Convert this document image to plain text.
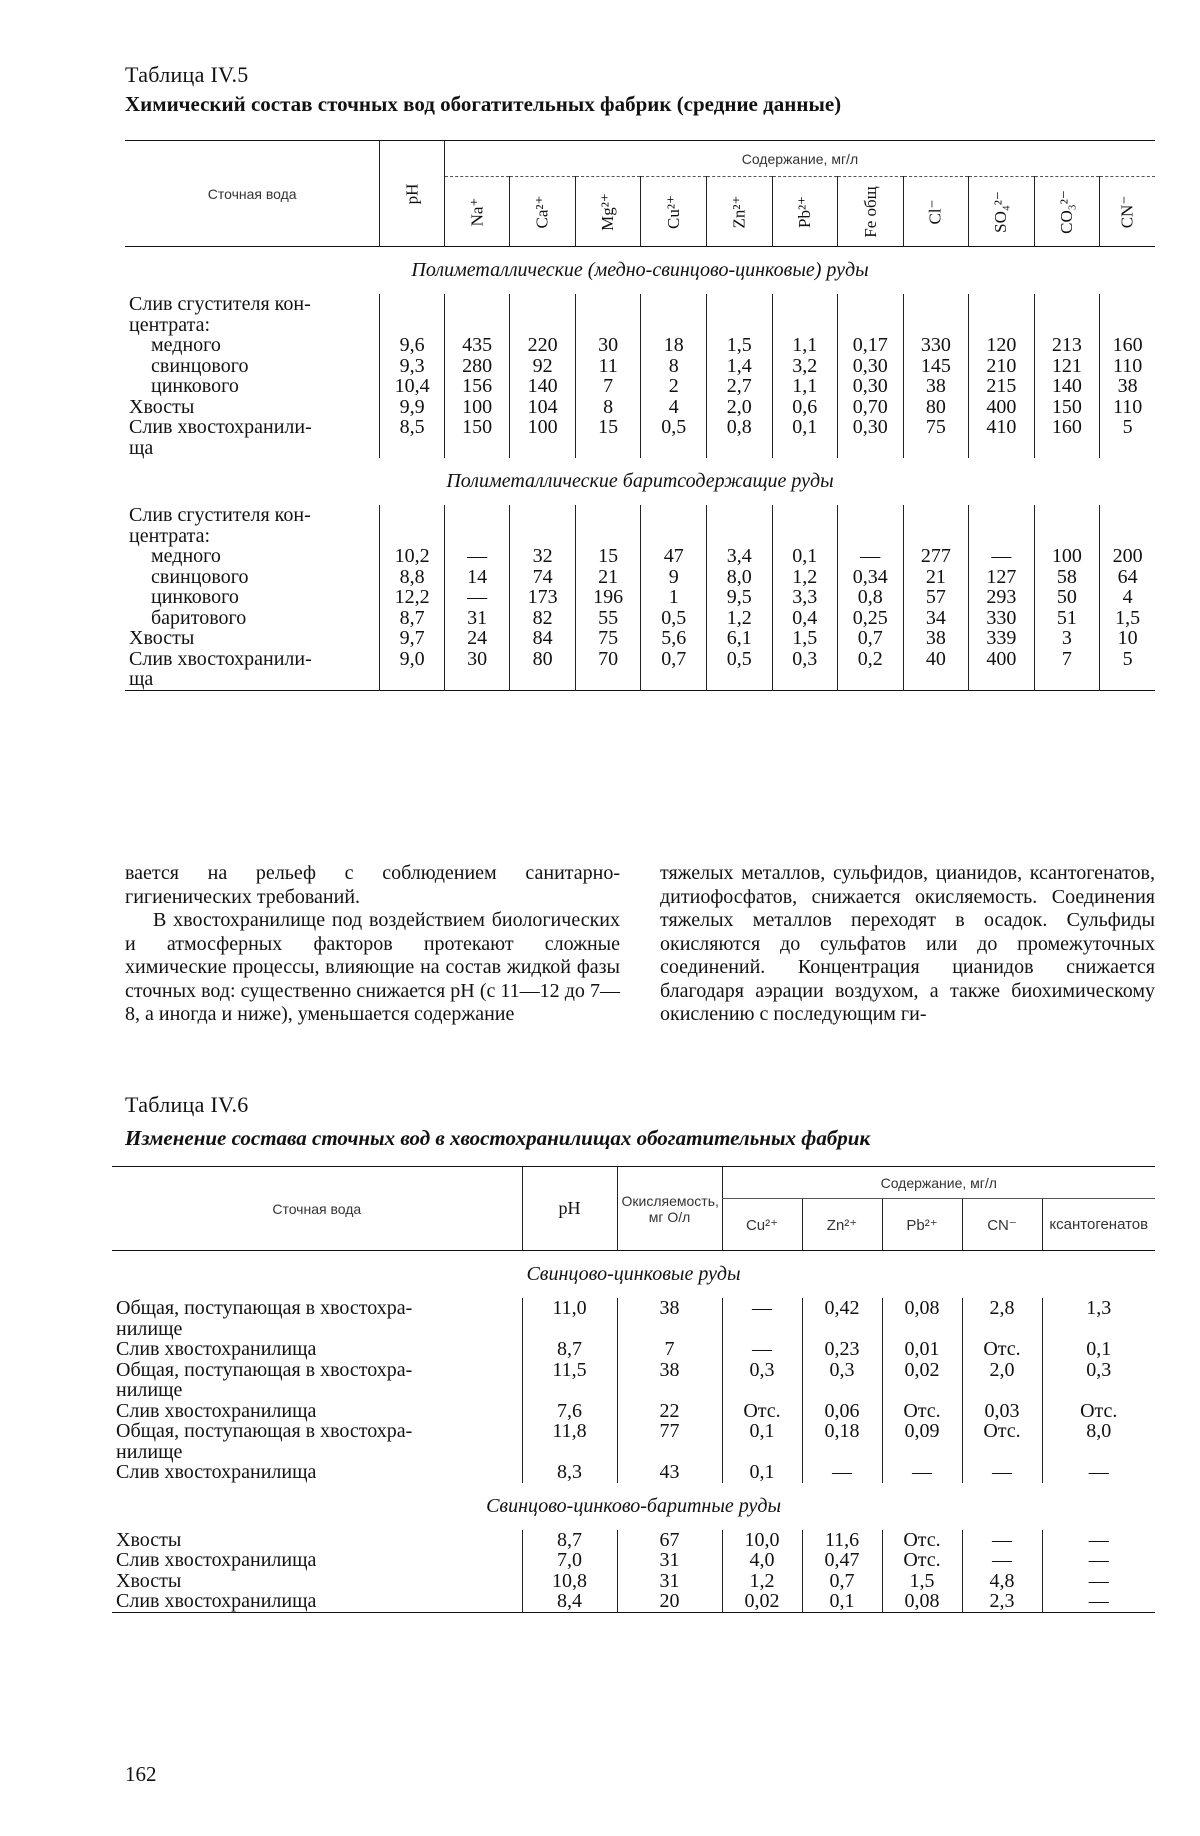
Таблица IV.5
Химический состав сточных вод обогатительных фабрик (средние данные)
Сточная вода	pH	Содержание, мг/л										
		Na⁺	Ca²⁺	Mg²⁺	Cu²⁺	Zn²⁺	Pb²⁺	Fe общ	Cl⁻	SO₄²⁻	CO₃²⁻	CN⁻
Полиметаллические (медно-свинцово-цинковые) руды												
Слив сгустителя кон-												
центрата:												
медного	9,6	435	220	30	18	1,5	1,1	0,17	330	120	213	160
свинцового	9,3	280	92	11	8	1,4	3,2	0,30	145	210	121	110
цинкового	10,4	156	140	7	2	2,7	1,1	0,30	38	215	140	38
Хвосты	9,9	100	104	8	4	2,0	0,6	0,70	80	400	150	110
Слив хвостохранили-	8,5	150	100	15	0,5	0,8	0,1	0,30	75	410	160	5
ща												
Полиметаллические баритсодержащие руды												
Слив сгустителя кон-												
центрата:												
медного	10,2	—	32	15	47	3,4	0,1	—	277	—	100	200
свинцового	8,8	14	74	21	9	8,0	1,2	0,34	21	127	58	64
цинкового	12,2	—	173	196	1	9,5	3,3	0,8	57	293	50	4
баритового	8,7	31	82	55	0,5	1,2	0,4	0,25	34	330	51	1,5
Хвосты	9,7	24	84	75	5,6	6,1	1,5	0,7	38	339	3	10
Слив хвостохранили-	9,0	30	80	70	0,7	0,5	0,3	0,2	40	400	7	5
ща												

вается на рельеф с соблюдением санитарно-гигиенических требований.

В хвостохранилище под воздействием биологических и атмосферных факторов протекают сложные химические процессы, влияющие на состав жидкой фазы сточных вод: существенно снижается pH (с 11—12 до 7—8, а иногда и ниже), уменьшается содержание

тяжелых металлов, сульфидов, цианидов, ксантогенатов, дитиофосфатов, снижается окисляемость. Соединения тяжелых металлов переходят в осадок. Сульфиды окисляются до сульфатов или до промежуточных соединений. Концентрация цианидов снижается благодаря аэрации воздухом, а также биохимическому окислению с последующим ги-

Таблица IV.6
Изменение состава сточных вод в хвостохранилищах обогатительных фабрик
Сточная вода	pH	Окисляемость, мг O/л	Содержание, мг/л				
			Cu²⁺	Zn²⁺	Pb²⁺	CN⁻	ксантогенатов
Свинцово-цинковые руды							
Общая, поступающая в хвостохра-	11,0	38	—	0,42	0,08	2,8	1,3
нилище							
Слив хвостохранилища	8,7	7	—	0,23	0,01	Отс.	0,1
Общая, поступающая в хвостохра-	11,5	38	0,3	0,3	0,02	2,0	0,3
нилище							
Слив хвостохранилища	7,6	22	Отс.	0,06	Отс.	0,03	Отс.
Общая, поступающая в хвостохра-	11,8	77	0,1	0,18	0,09	Отс.	8,0
нилище							
Слив хвостохранилища	8,3	43	0,1	—	—	—	—
Свинцово-цинково-баритные руды							
Хвосты	8,7	67	10,0	11,6	Отс.	—	—
Слив хвостохранилища	7,0	31	4,0	0,47	Отс.	—	—
Хвосты	10,8	31	1,2	0,7	1,5	4,8	—
Слив хвостохранилища	8,4	20	0,02	0,1	0,08	2,3	—

162
